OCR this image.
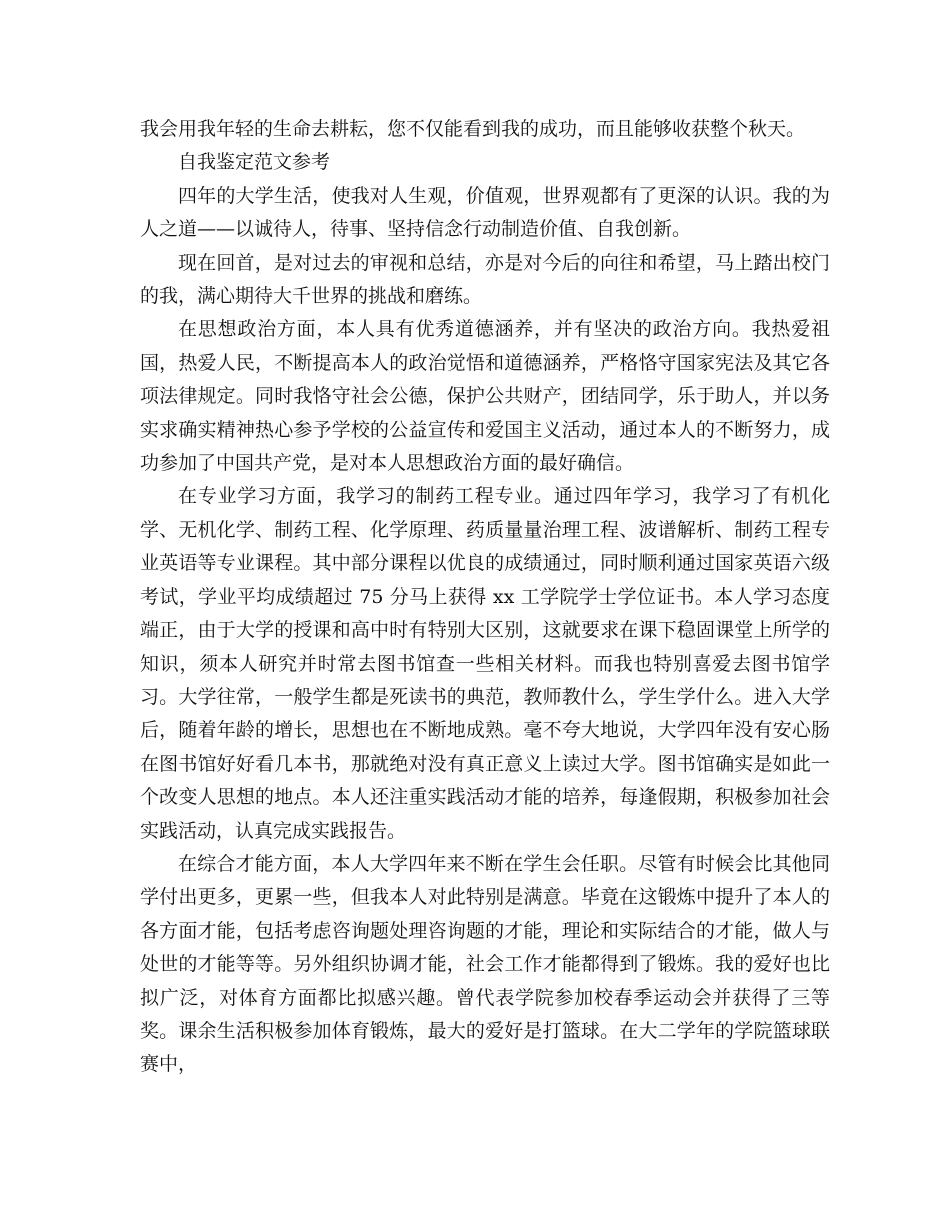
我会用我年轻的生命去耕耘，您不仅能看到我的成功，而且能够收获整个秋天。

自我鉴定范文参考

四年的大学生活，使我对人生观，价值观，世界观都有了更深的认识。我的为人之道——以诚待人，待事、坚持信念行动制造价值、自我创新。

现在回首，是对过去的审视和总结，亦是对今后的向往和希望，马上踏出校门的我，满心期待大千世界的挑战和磨练。

在思想政治方面，本人具有优秀道德涵养，并有坚决的政治方向。我热爱祖国，热爱人民，不断提高本人的政治觉悟和道德涵养，严格恪守国家宪法及其它各项法律规定。同时我恪守社会公德，保护公共财产，团结同学，乐于助人，并以务实求确实精神热心参予学校的公益宣传和爱国主义活动，通过本人的不断努力，成功参加了中国共产党，是对本人思想政治方面的最好确信。

在专业学习方面，我学习的制药工程专业。通过四年学习，我学习了有机化学、无机化学、制药工程、化学原理、药质量量治理工程、波谱解析、制药工程专业英语等专业课程。其中部分课程以优良的成绩通过，同时顺利通过国家英语六级考试，学业平均成绩超过 75 分马上获得 xx 工学院学士学位证书。本人学习态度端正，由于大学的授课和高中时有特别大区别，这就要求在课下稳固课堂上所学的知识，须本人研究并时常去图书馆查一些相关材料。而我也特别喜爱去图书馆学习。大学往常，一般学生都是死读书的典范，教师教什么，学生学什么。进入大学后，随着年龄的增长，思想也在不断地成熟。毫不夸大地说，大学四年没有安心肠在图书馆好好看几本书，那就绝对没有真正意义上读过大学。图书馆确实是如此一个改变人思想的地点。本人还注重实践活动才能的培养，每逢假期，积极参加社会实践活动，认真完成实践报告。

在综合才能方面，本人大学四年来不断在学生会任职。尽管有时候会比其他同学付出更多，更累一些，但我本人对此特别是满意。毕竟在这锻炼中提升了本人的各方面才能，包括考虑咨询题处理咨询题的才能，理论和实际结合的才能，做人与处世的才能等等。另外组织协调才能，社会工作才能都得到了锻炼。我的爱好也比拟广泛，对体育方面都比拟感兴趣。曾代表学院参加校春季运动会并获得了三等奖。课余生活积极参加体育锻炼，最大的爱好是打篮球。在大二学年的学院篮球联赛中，
